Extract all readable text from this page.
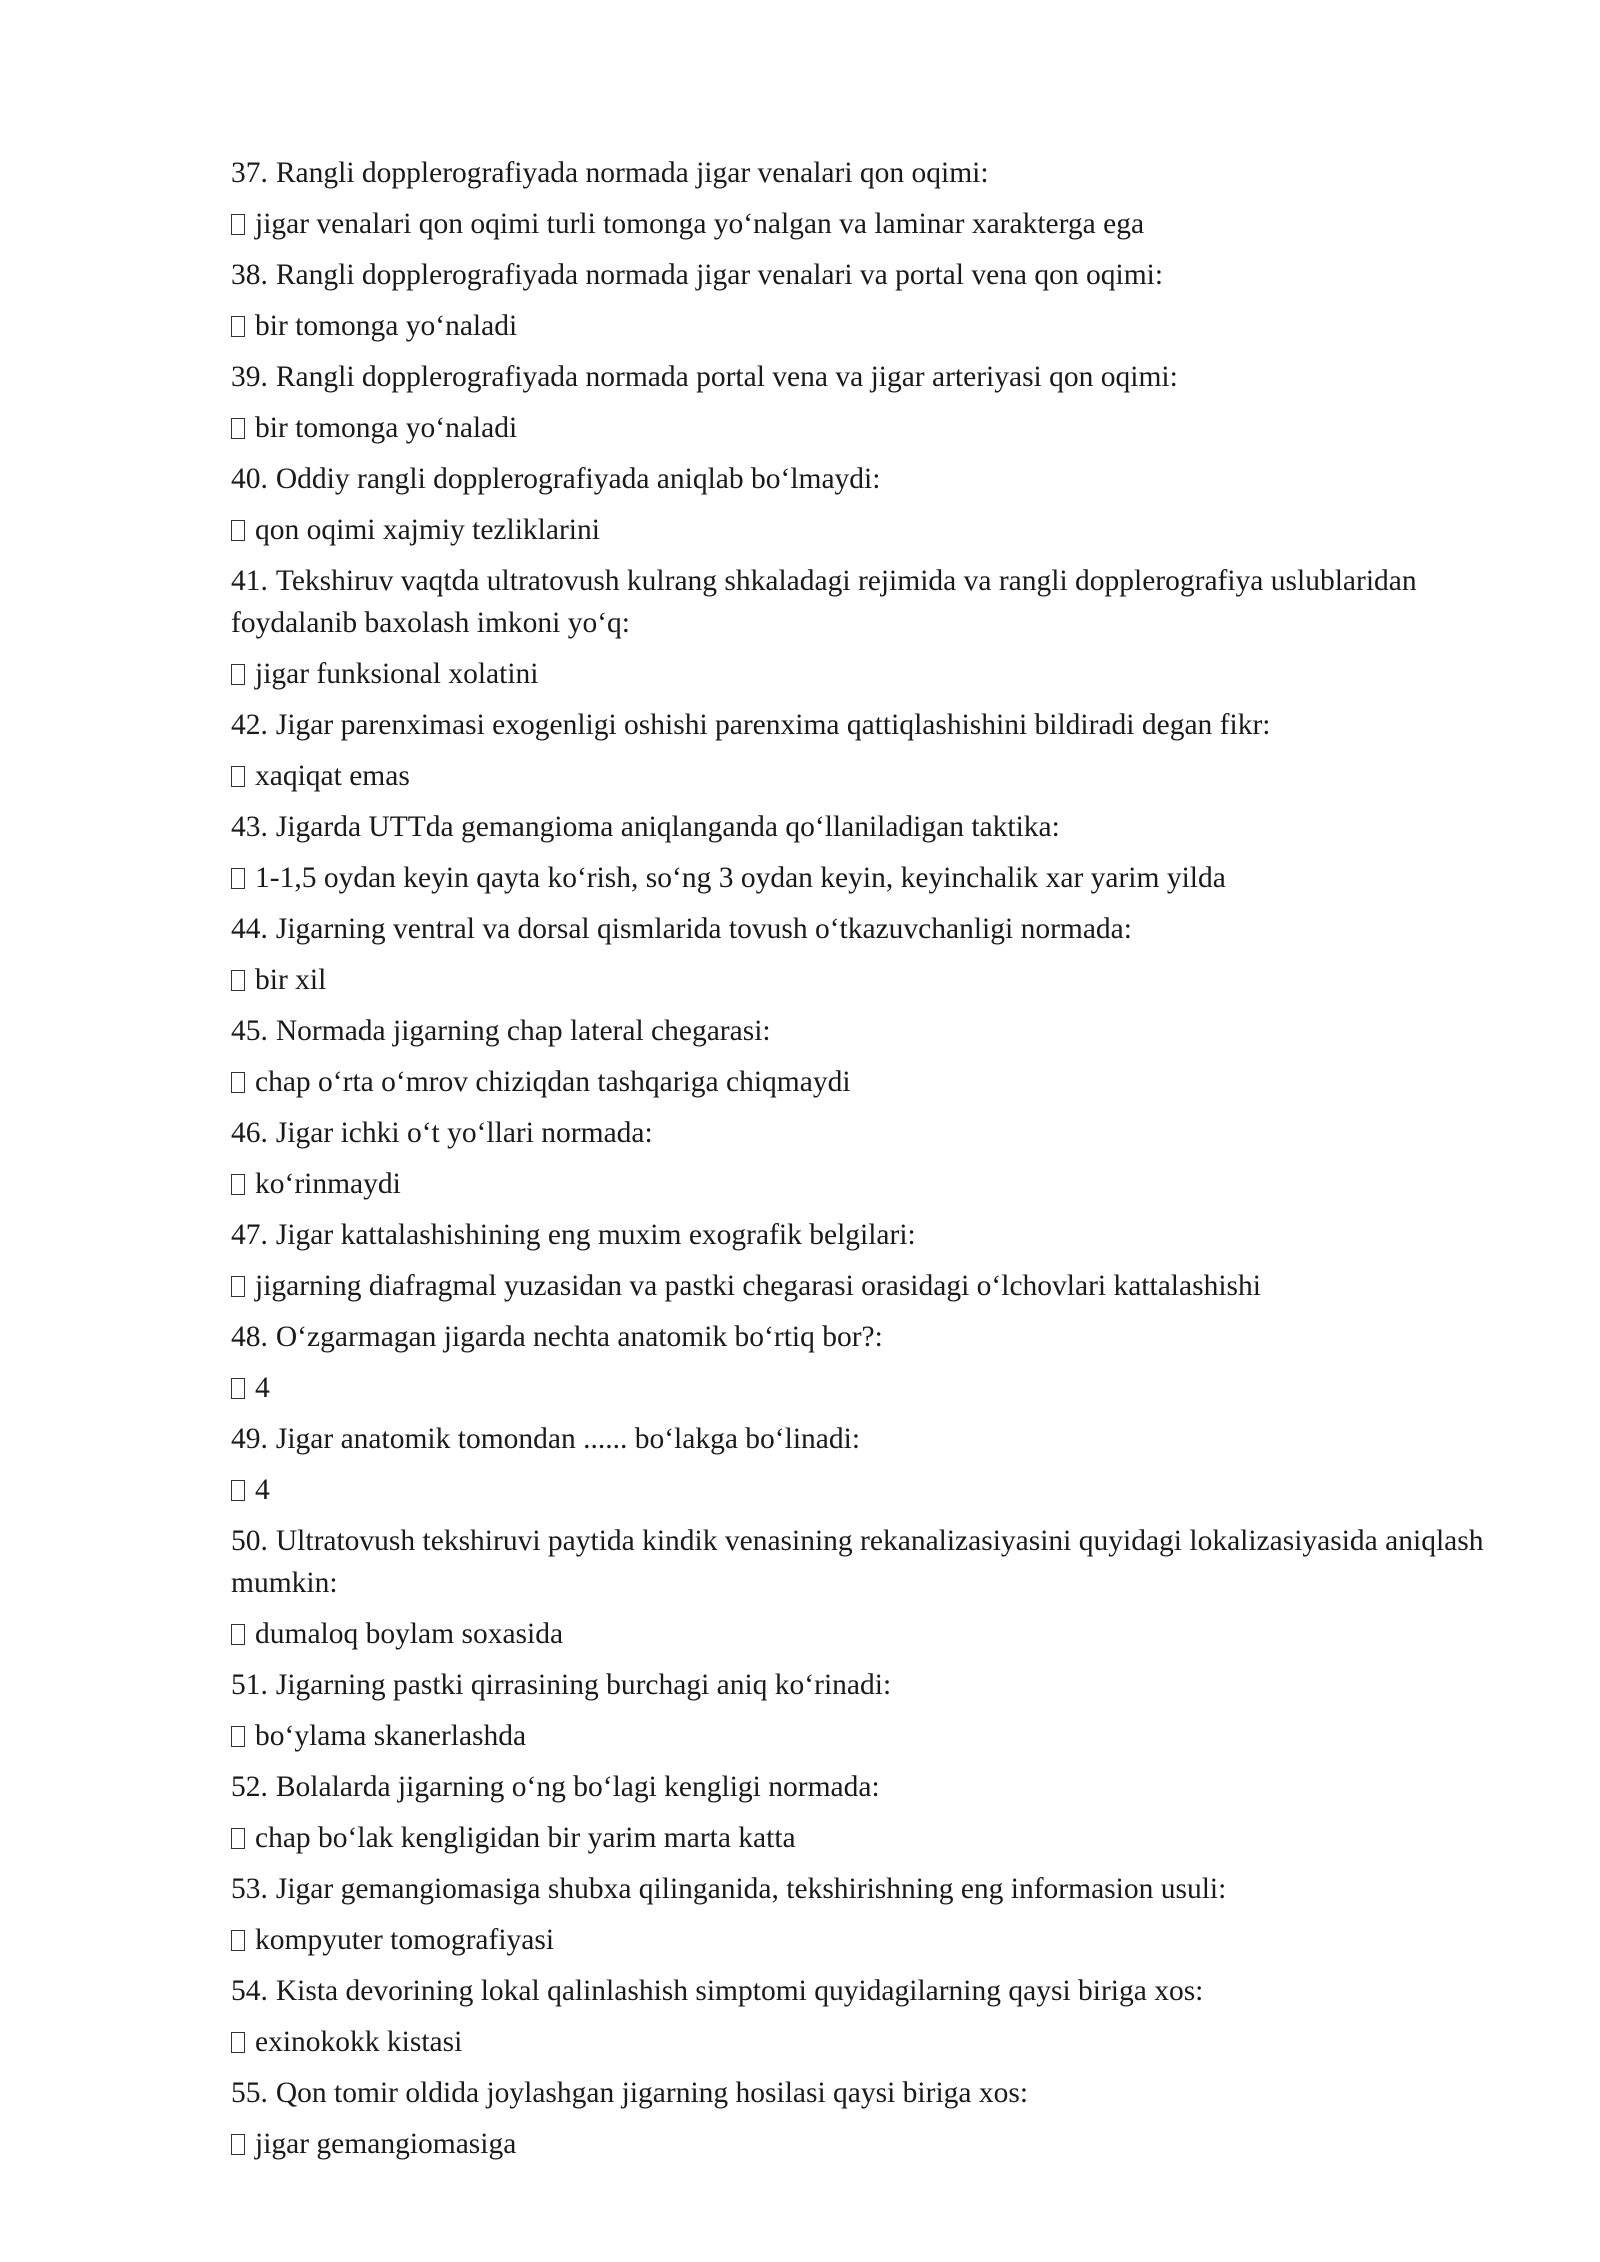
37. Rangli dopplerografiyada normada jigar venalari qon oqimi:

jigar venalari qon oqimi turli tomonga yo‘nalgan va laminar xarakterga ega

38. Rangli dopplerografiyada normada jigar venalari va portal vena qon oqimi:

bir tomonga yo‘naladi

39. Rangli dopplerografiyada normada portal vena va jigar arteriyasi qon oqimi:

bir tomonga yo‘naladi

40. Oddiy rangli dopplerografiyada aniqlab bo‘lmaydi:

qon oqimi xajmiy tezliklarini

41. Tekshiruv vaqtda ultratovush kulrang shkaladagi rejimida va rangli dopplerografiya uslublaridan foydalanib baxolash imkoni yo‘q:

jigar funksional xolatini

42. Jigar parenximasi exogenligi oshishi parenxima qattiqlashishini bildiradi degan fikr:

xaqiqat emas

43. Jigarda UTTda gemangioma aniqlanganda qo‘llaniladigan taktika:

1-1,5 oydan keyin qayta ko‘rish, so‘ng 3 oydan keyin, keyinchalik xar yarim yilda

44. Jigarning ventral va dorsal qismlarida tovush o‘tkazuvchanligi normada:

bir xil

45. Normada jigarning chap lateral chegarasi:

chap o‘rta o‘mrov chiziqdan tashqariga chiqmaydi

46. Jigar ichki o‘t yo‘llari normada:

ko‘rinmaydi

47. Jigar kattalashishining eng muxim exografik belgilari:

jigarning diafragmal yuzasidan va pastki chegarasi orasidagi o‘lchovlari kattalashishi

48. O‘zgarmagan jigarda nechta anatomik bo‘rtiq bor?:

4

49. Jigar anatomik tomondan ...... bo‘lakga bo‘linadi:

4

50. Ultratovush tekshiruvi paytida kindik venasining rekanalizasiyasini quyidagi lokalizasiyasida aniqlash mumkin:

dumaloq boylam soxasida

51. Jigarning pastki qirrasining burchagi aniq ko‘rinadi:

bo‘ylama skanerlashda

52. Bolalarda jigarning o‘ng bo‘lagi kengligi normada:

chap bo‘lak kengligidan bir yarim marta katta

53. Jigar gemangiomasiga shubxa qilinganida, tekshirishning eng informasion usuli:

kompyuter tomografiyasi

54. Kista devorining lokal qalinlashish simptomi quyidagilarning qaysi biriga xos:

exinokokk kistasi

55. Qon tomir oldida joylashgan jigarning hosilasi qaysi biriga xos:

jigar gemangiomasiga
